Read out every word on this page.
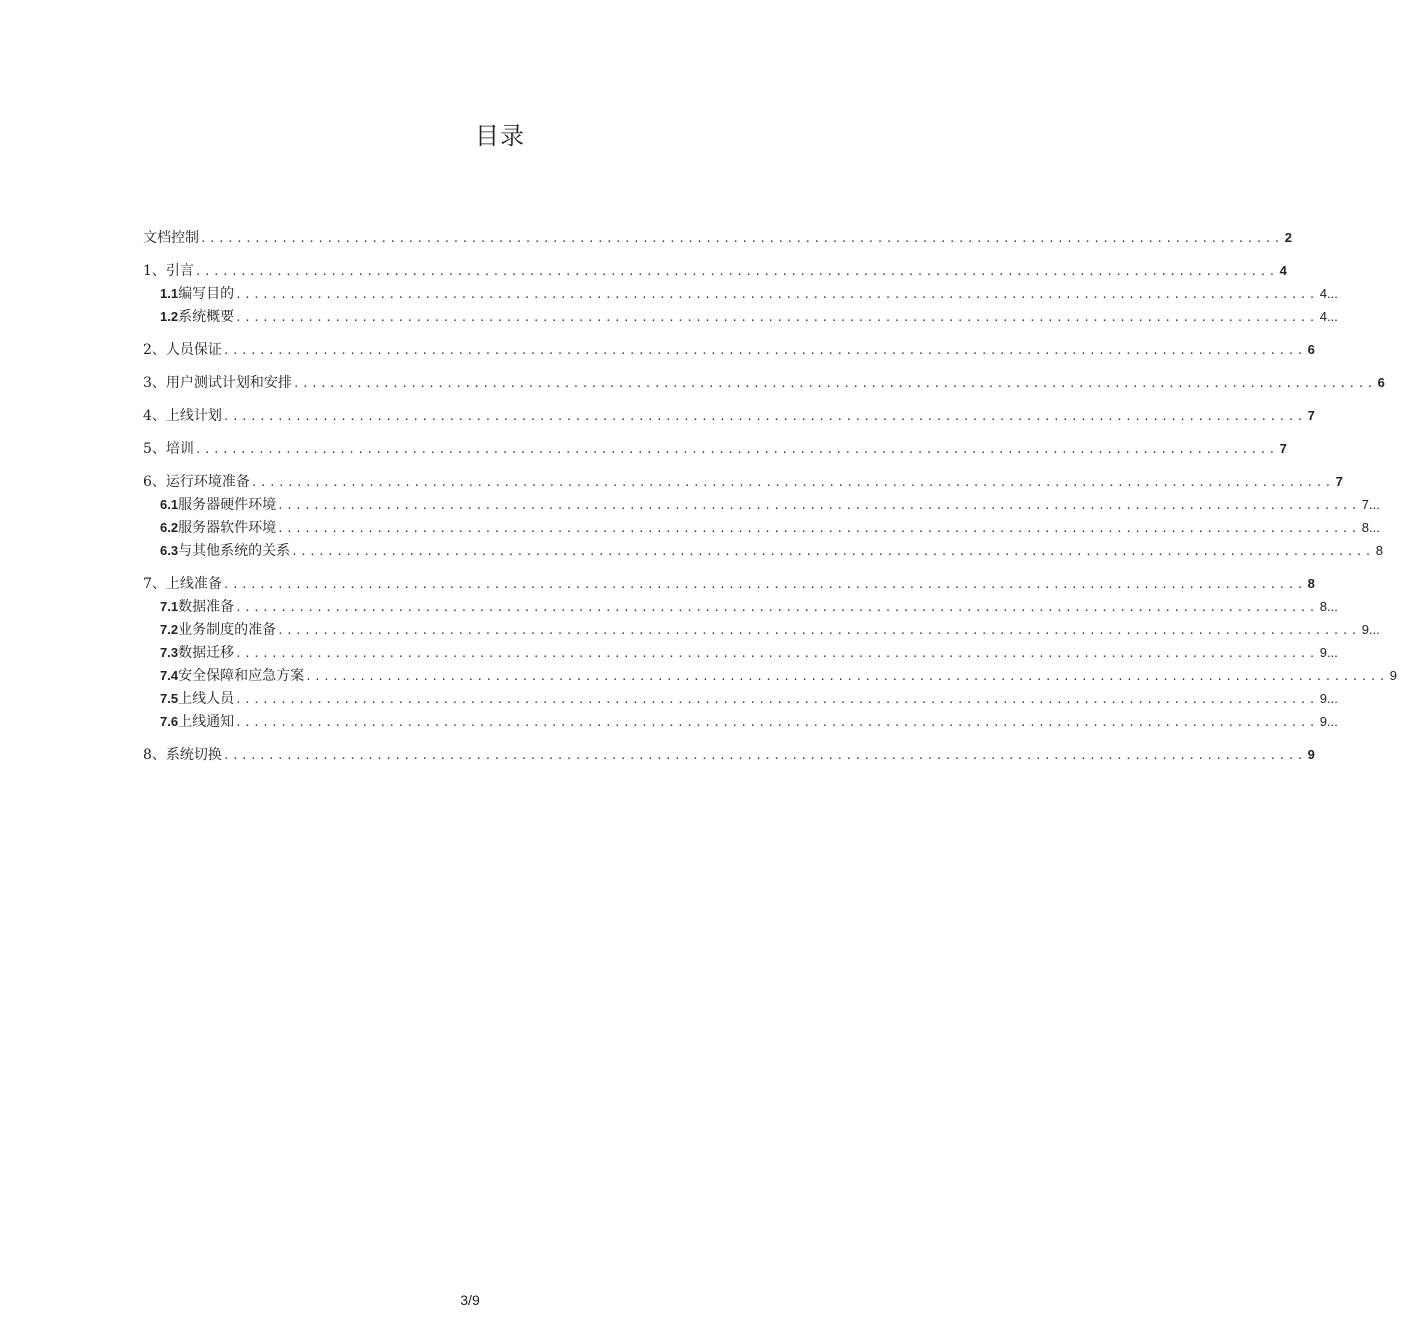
目录
文档控制 ........................................................................................................................ 2
1、 引言 ........................................................................................................................ 4
1.1 编写目的 ........................................................................................................................ 4...
1.2 系统概要 ........................................................................................................................ 4...
2、 人员保证 ........................................................................................................................ 6
3、 用户测试计划和安排 ........................................................................................................................ 6
4、 上线计划 ........................................................................................................................ 7
5、 培训 ........................................................................................................................ 7
6、 运行环境准备 ........................................................................................................................ 7
6.1 服务器硬件环境 ........................................................................................................................ 7...
6.2 服务器软件环境 ........................................................................................................................ 8...
6.3 与其他系统的关系 ........................................................................................................................ 8
7、 上线准备 ........................................................................................................................ 8
7.1 数据准备 ........................................................................................................................ 8...
7.2 业务制度的准备 ........................................................................................................................ 9...
7.3 数据迁移 ........................................................................................................................ 9...
7.4 安全保障和应急方案 ........................................................................................................................ 9
7.5 上线人员 ........................................................................................................................ 9...
7.6 上线通知 ........................................................................................................................ 9...
8、系统切换 ........................................................................................................................ 9
3/9
